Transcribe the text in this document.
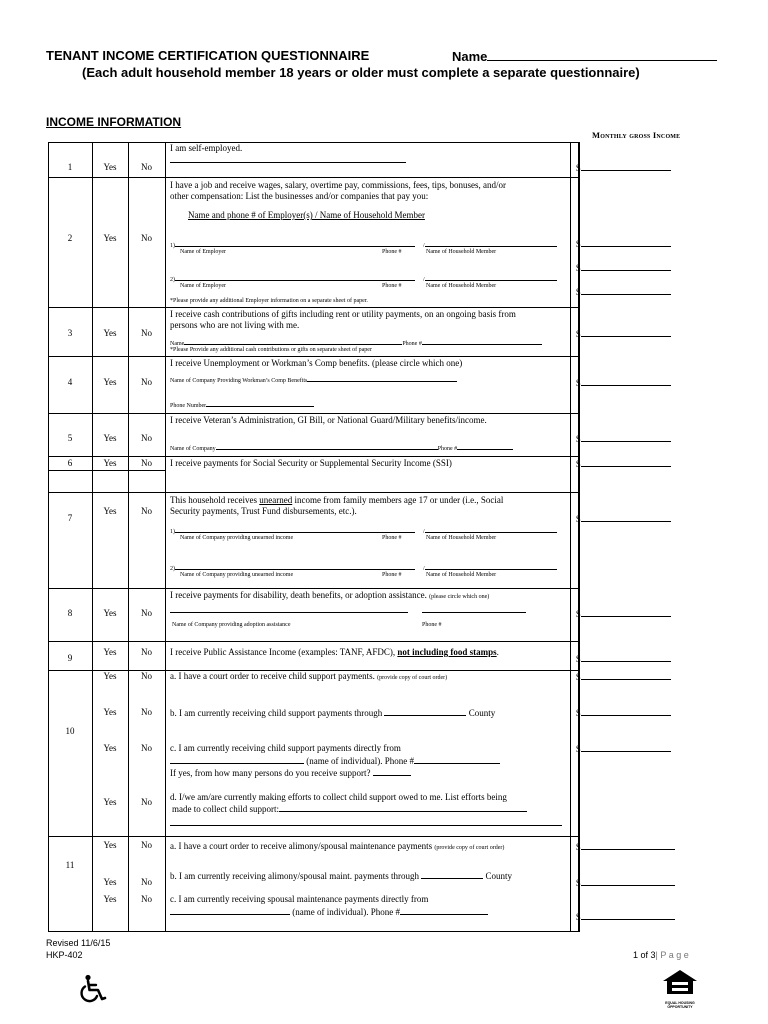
TENANT INCOME CERTIFICATION QUESTIONNAIRE	Name
(Each adult household member 18 years or older must complete a separate questionnaire)
INCOME INFORMATION
Monthly gross Income
1	Yes	No
I am self-employed.
$
2	Yes	No
I have a job and receive wages, salary, overtime pay, commissions, fees, tips, bonuses, and/or
other compensation: List the businesses and/or companies that pay you:
Name and phone # of Employer(s) / Name of Household Member
1)	/
Name of Employer	Phone #	Name of Household Member
2)	/
Name of Employer	Phone #	Name of Household Member
*Please provide any additional Employer information on a separate sheet of paper.
$
$
$
3	Yes	No
I receive cash contributions of gifts including rent or utility payments, on an ongoing basis from
persons who are not living with me.
Name	Phone #
*Please Provide any additional cash contributions or gifts on separate sheet of paper
$
4	Yes	No
I receive Unemployment or Workman’s Comp benefits. (please circle which one)
Name of Company Providing Workman’s Comp Benefits
Phone Number
$
5	Yes	No
I receive Veteran’s Administration, GI Bill, or National Guard/Military benefits/income.
Name of Company	Phone #
$
6	Yes	No	I receive payments for Social Security or Supplemental Security Income (SSI)	$
7
Yes	No
This household receives unearned income from family members age 17 or under (i.e., Social
Security payments, Trust Fund disbursements, etc.).
1)	/
Name of Company providing unearned income	Phone #	Name of Household Member
2)	/
Name of Company providing unearned income	Phone #	Name of Household Member
$
8	Yes	No
I receive payments for disability, death benefits, or adoption assistance. (please circle which one)
Name of Company providing adoption assistance	Phone #
$
9
Yes	No	I receive Public Assistance Income (examples: TANF, AFDC), not including food stamps.
$
10
Yes	No	a. I have a court order to receive child support payments. (provide copy of court order)	$
Yes	No	b. I am currently receiving child support payments through	County	$
Yes	No	c. I am currently receiving child support payments directly from
(name of individual). Phone #
If yes, from how many persons do you receive support?
$
Yes	No	d. I/we am/are currently making efforts to collect child support owed to me. List efforts being
made to collect child support:
11
Yes	No	a. I have a court order to receive alimony/spousal maintenance payments (provide copy of court order)	$
Yes	No
b. I am currently receiving alimony/spousal maint. payments through	County
$
Yes	No	c. I am currently receiving spousal maintenance payments directly from
(name of individual). Phone #	$
Revised 11/6/15
HKP-402	1 of 3| P a g e
EQUAL HOUSING OPPORTUNITY
